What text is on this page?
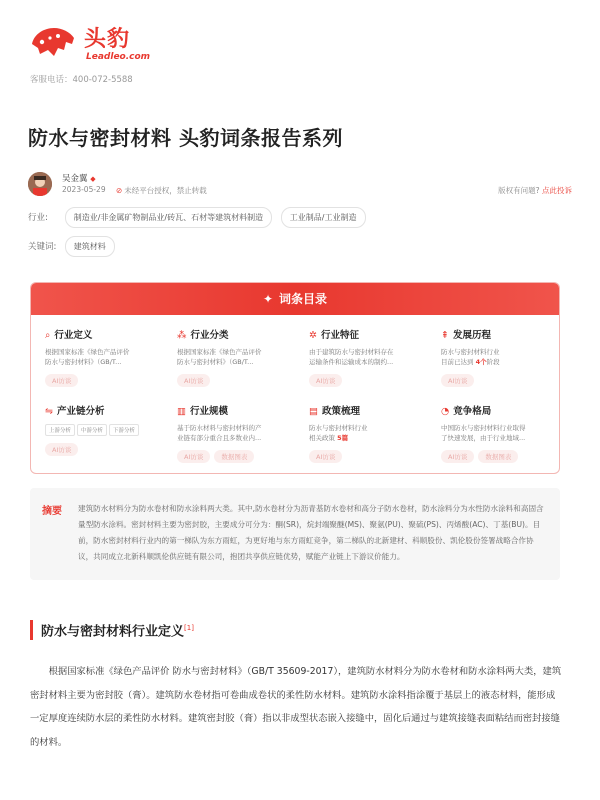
头豹
Leadleo.com
客服电话：400-072-5588
防水与密封材料 头豹词条报告系列
吴金翼 ◆
2023-05-29 ⊘ 未经平台授权，禁止转载	版权有问题? 点此投诉
行业:	制造业/非金属矿物制品业/砖瓦、石材等建筑材料制造	工业制品/工业制造
关键词: 建筑材料
✦ 词条目录
⌕ 行业定义
根据国家标准《绿色产品评价
防水与密封材料》（GB/T...
AI访谈
⁂ 行业分类
根据国家标准《绿色产品评价
防水与密封材料》（GB/T...
AI访谈
✲ 行业特征
由于建筑防水与密封材料存在
运输条件和运输成本的制约...
AI访谈
⇞ 发展历程
防水与密封材料行业
目前已达到 4个阶段
AI访谈
⇋ 产业链分析
上游分析 中游分析 下游分析
AI访谈
▥ 行业规模
基于防水材料与密封材料的产
业链有部分重合且多数业内...
AI访谈	数据图表
▤ 政策梳理
防水与密封材料行业
相关政策 5篇
AI访谈
◔ 竞争格局
中国防水与密封材料行业取得
了快速发展，由于行业地域...
AI访谈	数据图表
摘要 建筑防水材料分为防水卷材和防水涂料两大类。其中,防水卷材分为沥青基防水卷材和高分子防水卷材，防水涂料分为水性防水涂料和高固含量型防水涂料。密封材料主要为密封胶，主要成分可分为：酮(SR)，烷封端聚醚(MS)、聚氨(PU)、聚硫(PS)、丙烯酸(AC)、丁基(BU)。目前，防水密封材料行业内的第一梯队为东方雨虹，为更好地与东方雨虹竞争，第二梯队的北新建材、科顺股份、凯伦股份签署战略合作协议，共同成立北新科顺凯伦供应链有限公司，抱团共享供应链优势，赋能产业链上下游议价能力。
防水与密封材料行业定义[1]
根据国家标准《绿色产品评价 防水与密封材料》（GB/T 35609-2017），建筑防水材料分为防水卷材和防水涂料两大类，建筑密封材料主要为密封胶（膏）。建筑防水卷材指可卷曲成卷状的柔性防水材料。建筑防水涂料指涂覆于基层上的液态材料，能形成一定厚度连续防水层的柔性防水材料。建筑密封胶（膏）指以非成型状态嵌入接缝中，固化后通过与建筑接缝表面粘结而密封接缝的材料。
